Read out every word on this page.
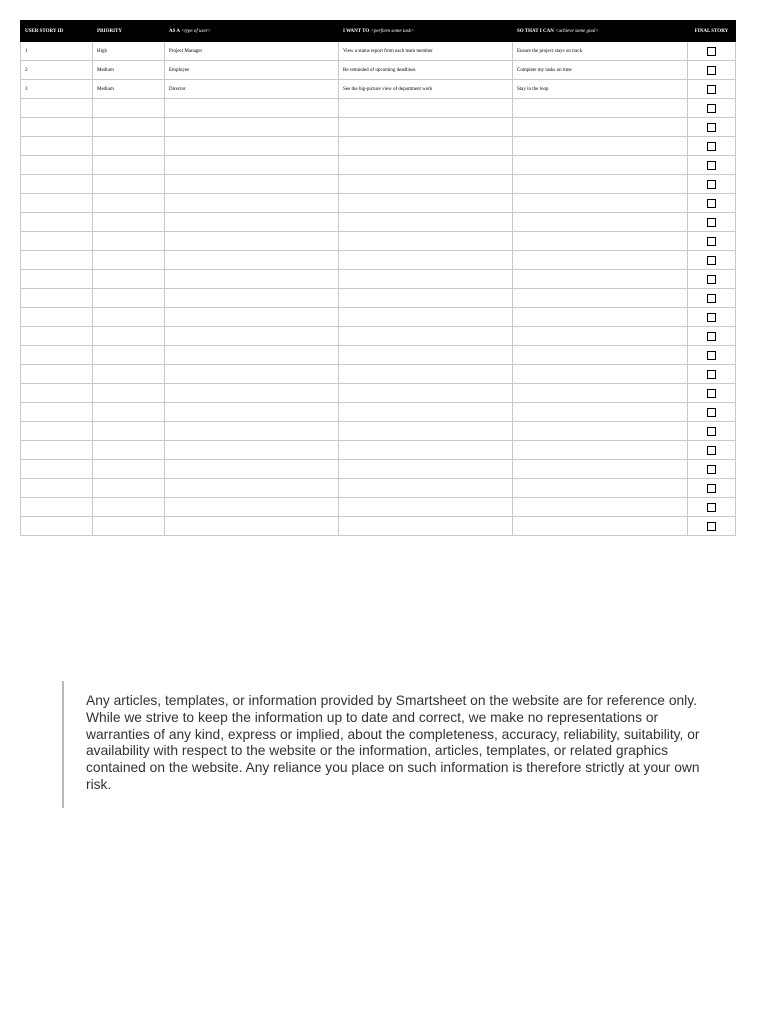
USER STORY ID	PRIORITY	AS A <type of user>	I WANT TO <perform some task>	SO THAT I CAN <achieve some goal>	FINAL STORY
1	High	Project Manager	View a status report from each team member	Ensure the project stays on track	
2	Medium	Employee	Be reminded of upcoming deadlines	Complete my tasks on time	
3	Medium	Director	See the big-picture view of department work	Stay in the loop	

Any articles, templates, or information provided by Smartsheet on the website are for reference only. While we strive to keep the information up to date and correct, we make no representations or warranties of any kind, express or implied, about the completeness, accuracy, reliability, suitability, or availability with respect to the website or the information, articles, templates, or related graphics contained on the website. Any reliance you place on such information is therefore strictly at your own risk.
